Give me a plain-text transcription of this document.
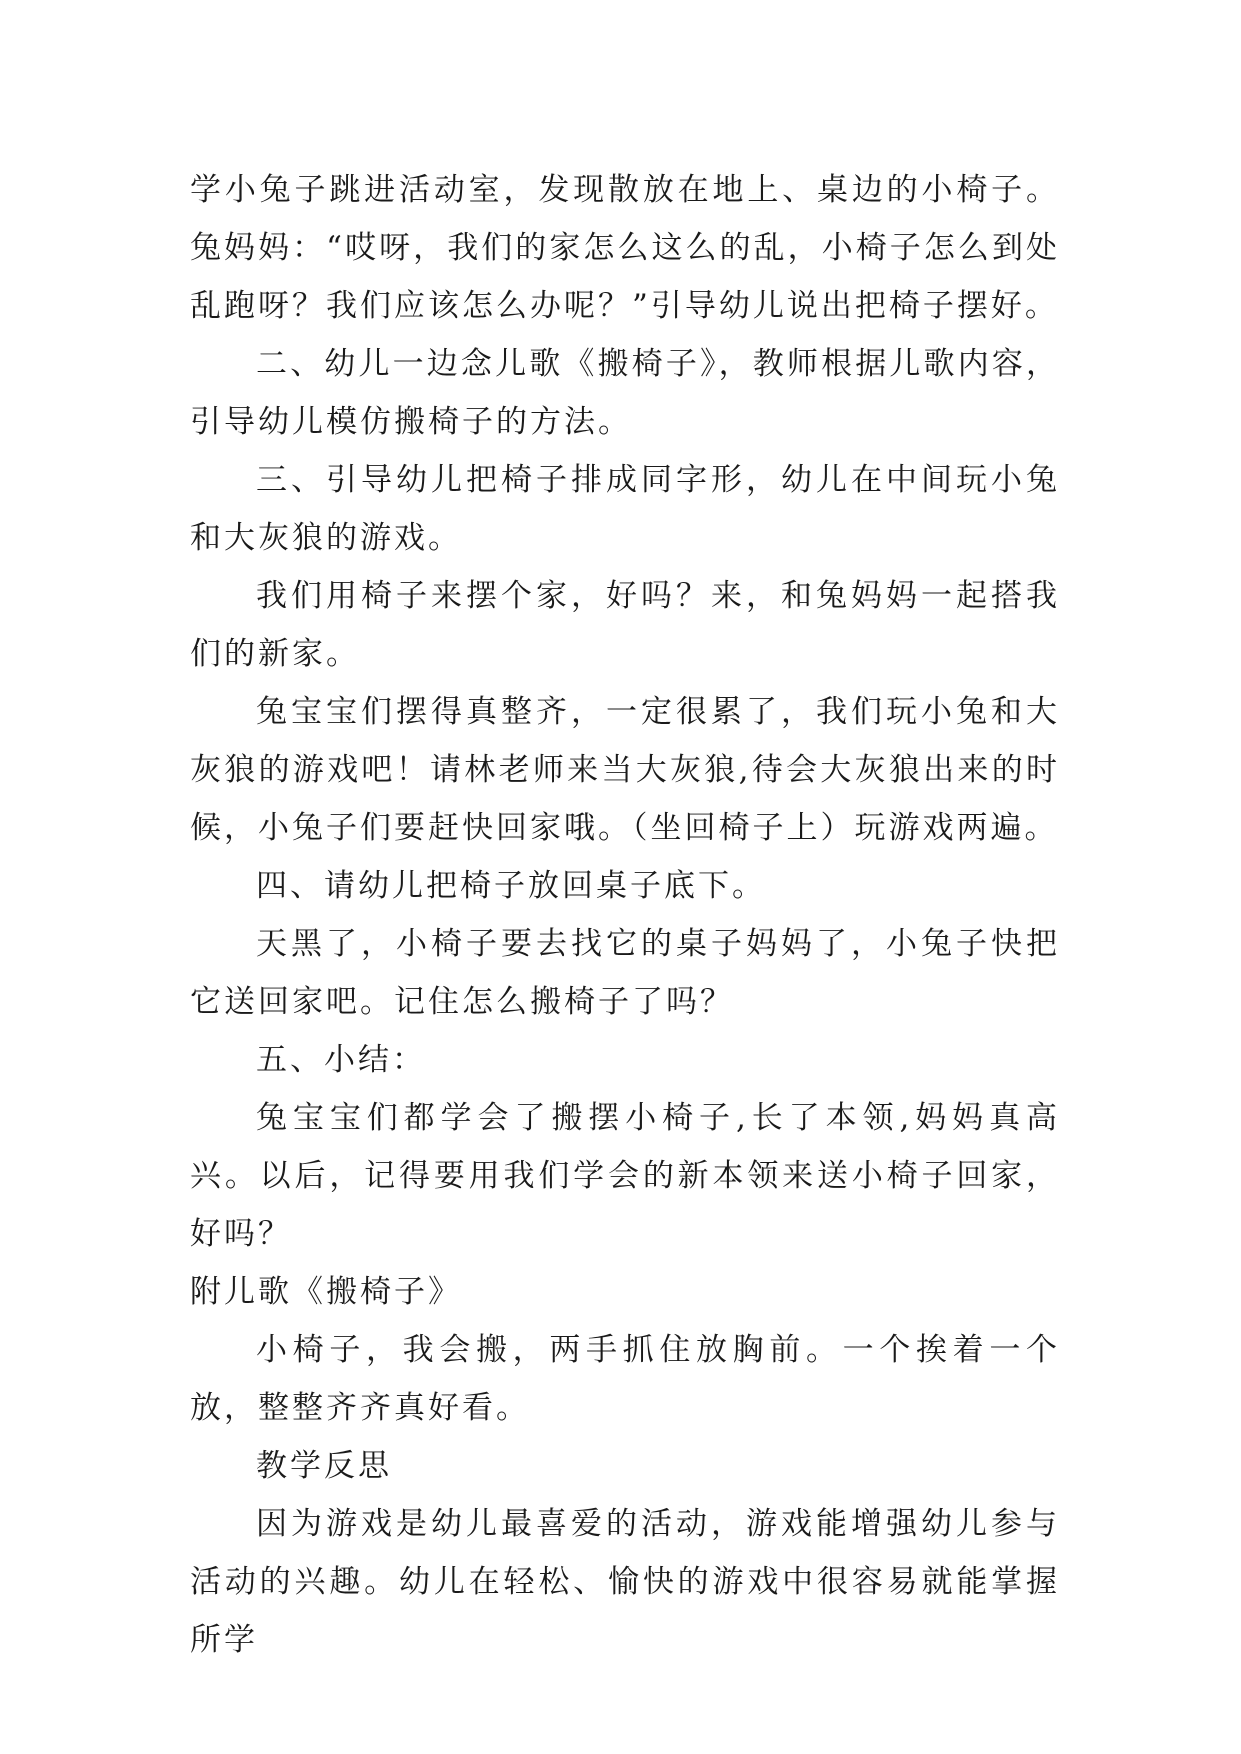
学小兔子跳进活动室，发现散放在地上、桌边的小椅子。兔妈妈：“哎呀，我们的家怎么这么的乱，小椅子怎么到处乱跑呀？我们应该怎么办呢？”引导幼儿说出把椅子摆好。

二、幼儿一边念儿歌《搬椅子》，教师根据儿歌内容，引导幼儿模仿搬椅子的方法。

三、引导幼儿把椅子排成同字形，幼儿在中间玩小兔和大灰狼的游戏。

我们用椅子来摆个家，好吗？来，和兔妈妈一起搭我们的新家。

兔宝宝们摆得真整齐，一定很累了，我们玩小兔和大灰狼的游戏吧！请林老师来当大灰狼,待会大灰狼出来的时候，小兔子们要赶快回家哦。（坐回椅子上）玩游戏两遍。

四、请幼儿把椅子放回桌子底下。

天黑了，小椅子要去找它的桌子妈妈了，小兔子快把它送回家吧。记住怎么搬椅子了吗？

五、小结：

兔宝宝们都学会了搬摆小椅子,长了本领,妈妈真高兴。以后，记得要用我们学会的新本领来送小椅子回家，好吗？

附儿歌《搬椅子》

小椅子，我会搬，两手抓住放胸前。一个挨着一个放，整整齐齐真好看。

教学反思

因为游戏是幼儿最喜爱的活动，游戏能增强幼儿参与活动的兴趣。幼儿在轻松、愉快的游戏中很容易就能掌握所学
